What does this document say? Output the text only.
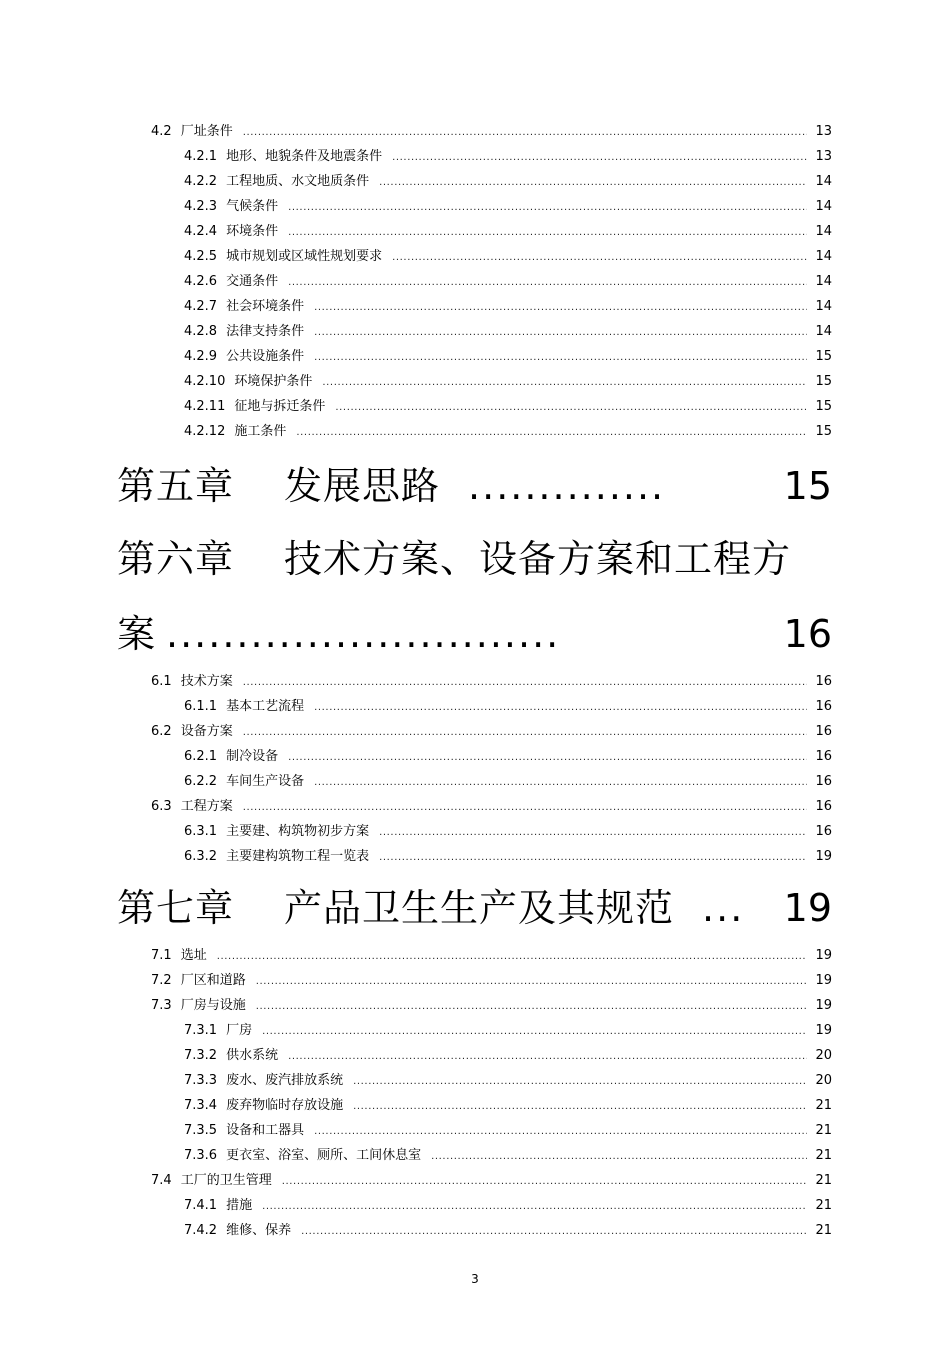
4.2 厂址条件 .....	13
4.2.1 地形、地貌条件及地震条件 .....	13
4.2.2 工程地质、水文地质条件 .....	14
4.2.3 气候条件 .....	14
4.2.4 环境条件 .....	14
4.2.5 城市规划或区域性规划要求 .....	14
4.2.6 交通条件 .....	14
4.2.7 社会环境条件 .....	14
4.2.8 法律支持条件 .....	14
4.2.9 公共设施条件 .....	15
4.2.10 环境保护条件 .....	15
4.2.11 征地与拆迁条件 .....	15
4.2.12 施工条件 .....	15
第五章 发展思路 ..............	15
第六章 技术方案、设备方案和工程方
案 ............................	16
6.1 技术方案 .....	16
6.1.1 基本工艺流程 .....	16
6.2 设备方案 .....	16
6.2.1 制冷设备 .....	16
6.2.2 车间生产设备 .....	16
6.3 工程方案 .....	16
6.3.1 主要建、构筑物初步方案 .....	16
6.3.2 主要建构筑物工程一览表 .....	19
第七章 产品卫生生产及其规范 ... 19
7.1 选址 .....	19
7.2 厂区和道路 .....	19
7.3 厂房与设施 .....	19
7.3.1 厂房 .....	19
7.3.2 供水系统 .....	20
7.3.3 废水、废汽排放系统 .....	20
7.3.4 废弃物临时存放设施 .....	21
7.3.5 设备和工器具 .....	21
7.3.6 更衣室、浴室、厕所、工间休息室 .....	21
7.4 工厂的卫生管理 .....	21
7.4.1 措施 .....	21
7.4.2 维修、保养 .....	21
3
